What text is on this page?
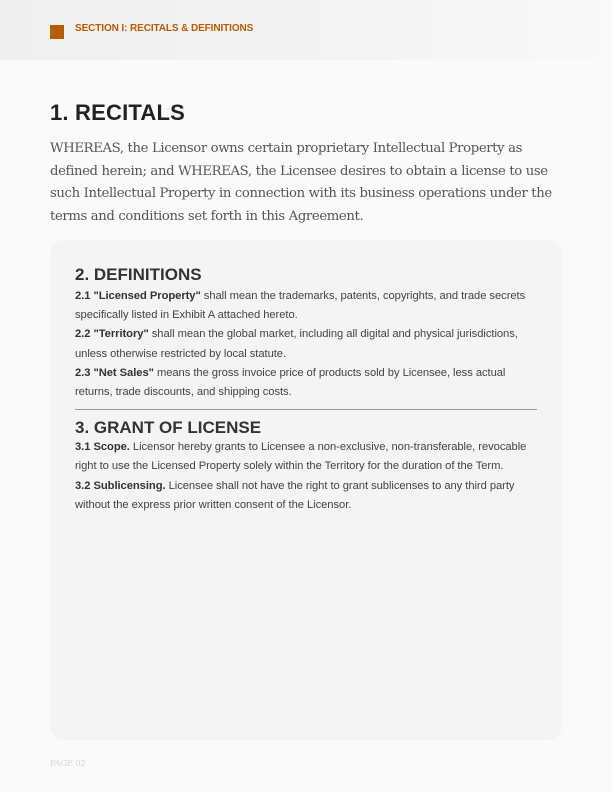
SECTION I: RECITALS & DEFINITIONS
1. RECITALS
WHEREAS, the Licensor owns certain proprietary Intellectual Property as defined herein; and WHEREAS, the Licensee desires to obtain a license to use such Intellectual Property in connection with its business operations under the terms and conditions set forth in this Agreement.
2. DEFINITIONS

2.1 "Licensed Property" shall mean the trademarks, patents, copyrights, and trade secrets specifically listed in Exhibit A attached hereto.

2.2 "Territory" shall mean the global market, including all digital and physical jurisdictions, unless otherwise restricted by local statute.

2.3 "Net Sales" means the gross invoice price of products sold by Licensee, less actual returns, trade discounts, and shipping costs.

3. GRANT OF LICENSE

3.1 Scope. Licensor hereby grants to Licensee a non-exclusive, non-transferable, revocable right to use the Licensed Property solely within the Territory for the duration of the Term.

3.2 Sublicensing. Licensee shall not have the right to grant sublicenses to any third party without the express prior written consent of the Licensor.

PAGE 02
